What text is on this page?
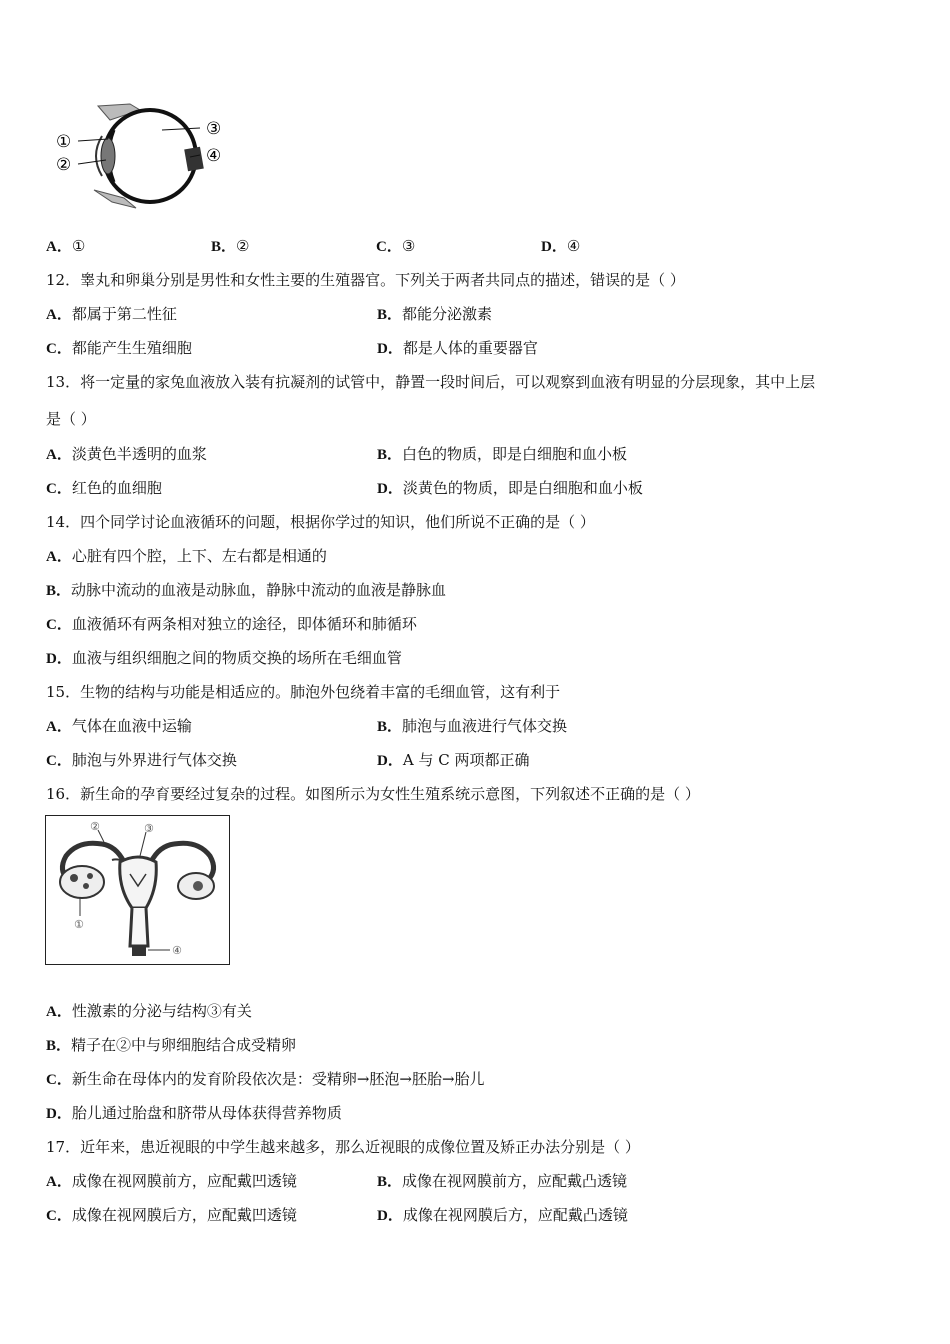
①
②
③
④
A．①	B．②	C．③	D．④
12．睾丸和卵巢分别是男性和女性主要的生殖器官。下列关于两者共同点的描述，错误的是（ ）
A．都属于第二性征	B．都能分泌激素
C．都能产生生殖细胞	D．都是人体的重要器官
13．将一定量的家兔血液放入装有抗凝剂的试管中，静置一段时间后，可以观察到血液有明显的分层现象，其中上层
是（ ）
A．淡黄色半透明的血浆	B．白色的物质，即是白细胞和血小板
C．红色的血细胞	D．淡黄色的物质，即是白细胞和血小板
14．四个同学讨论血液循环的问题，根据你学过的知识，他们所说不正确的是（ ）
A．心脏有四个腔，上下、左右都是相通的
B．动脉中流动的血液是动脉血，静脉中流动的血液是静脉血
C．血液循环有两条相对独立的途径，即体循环和肺循环
D．血液与组织细胞之间的物质交换的场所在毛细血管
15．生物的结构与功能是相适应的。肺泡外包绕着丰富的毛细血管，这有利于
A．气体在血液中运输	B．肺泡与血液进行气体交换
C．肺泡与外界进行气体交换	D．A 与 C 两项都正确
16．新生命的孕育要经过复杂的过程。如图所示为女性生殖系统示意图，下列叙述不正确的是（ ）
②	③
①
④
A．性激素的分泌与结构③有关
B．精子在②中与卵细胞结合成受精卵
C．新生命在母体内的发育阶段依次是：受精卵→胚泡→胚胎→胎儿
D．胎儿通过胎盘和脐带从母体获得营养物质
17．近年来，患近视眼的中学生越来越多，那么近视眼的成像位置及矫正办法分别是（ ）
A．成像在视网膜前方，应配戴凹透镜	B．成像在视网膜前方，应配戴凸透镜
C．成像在视网膜后方，应配戴凹透镜	D．成像在视网膜后方，应配戴凸透镜
